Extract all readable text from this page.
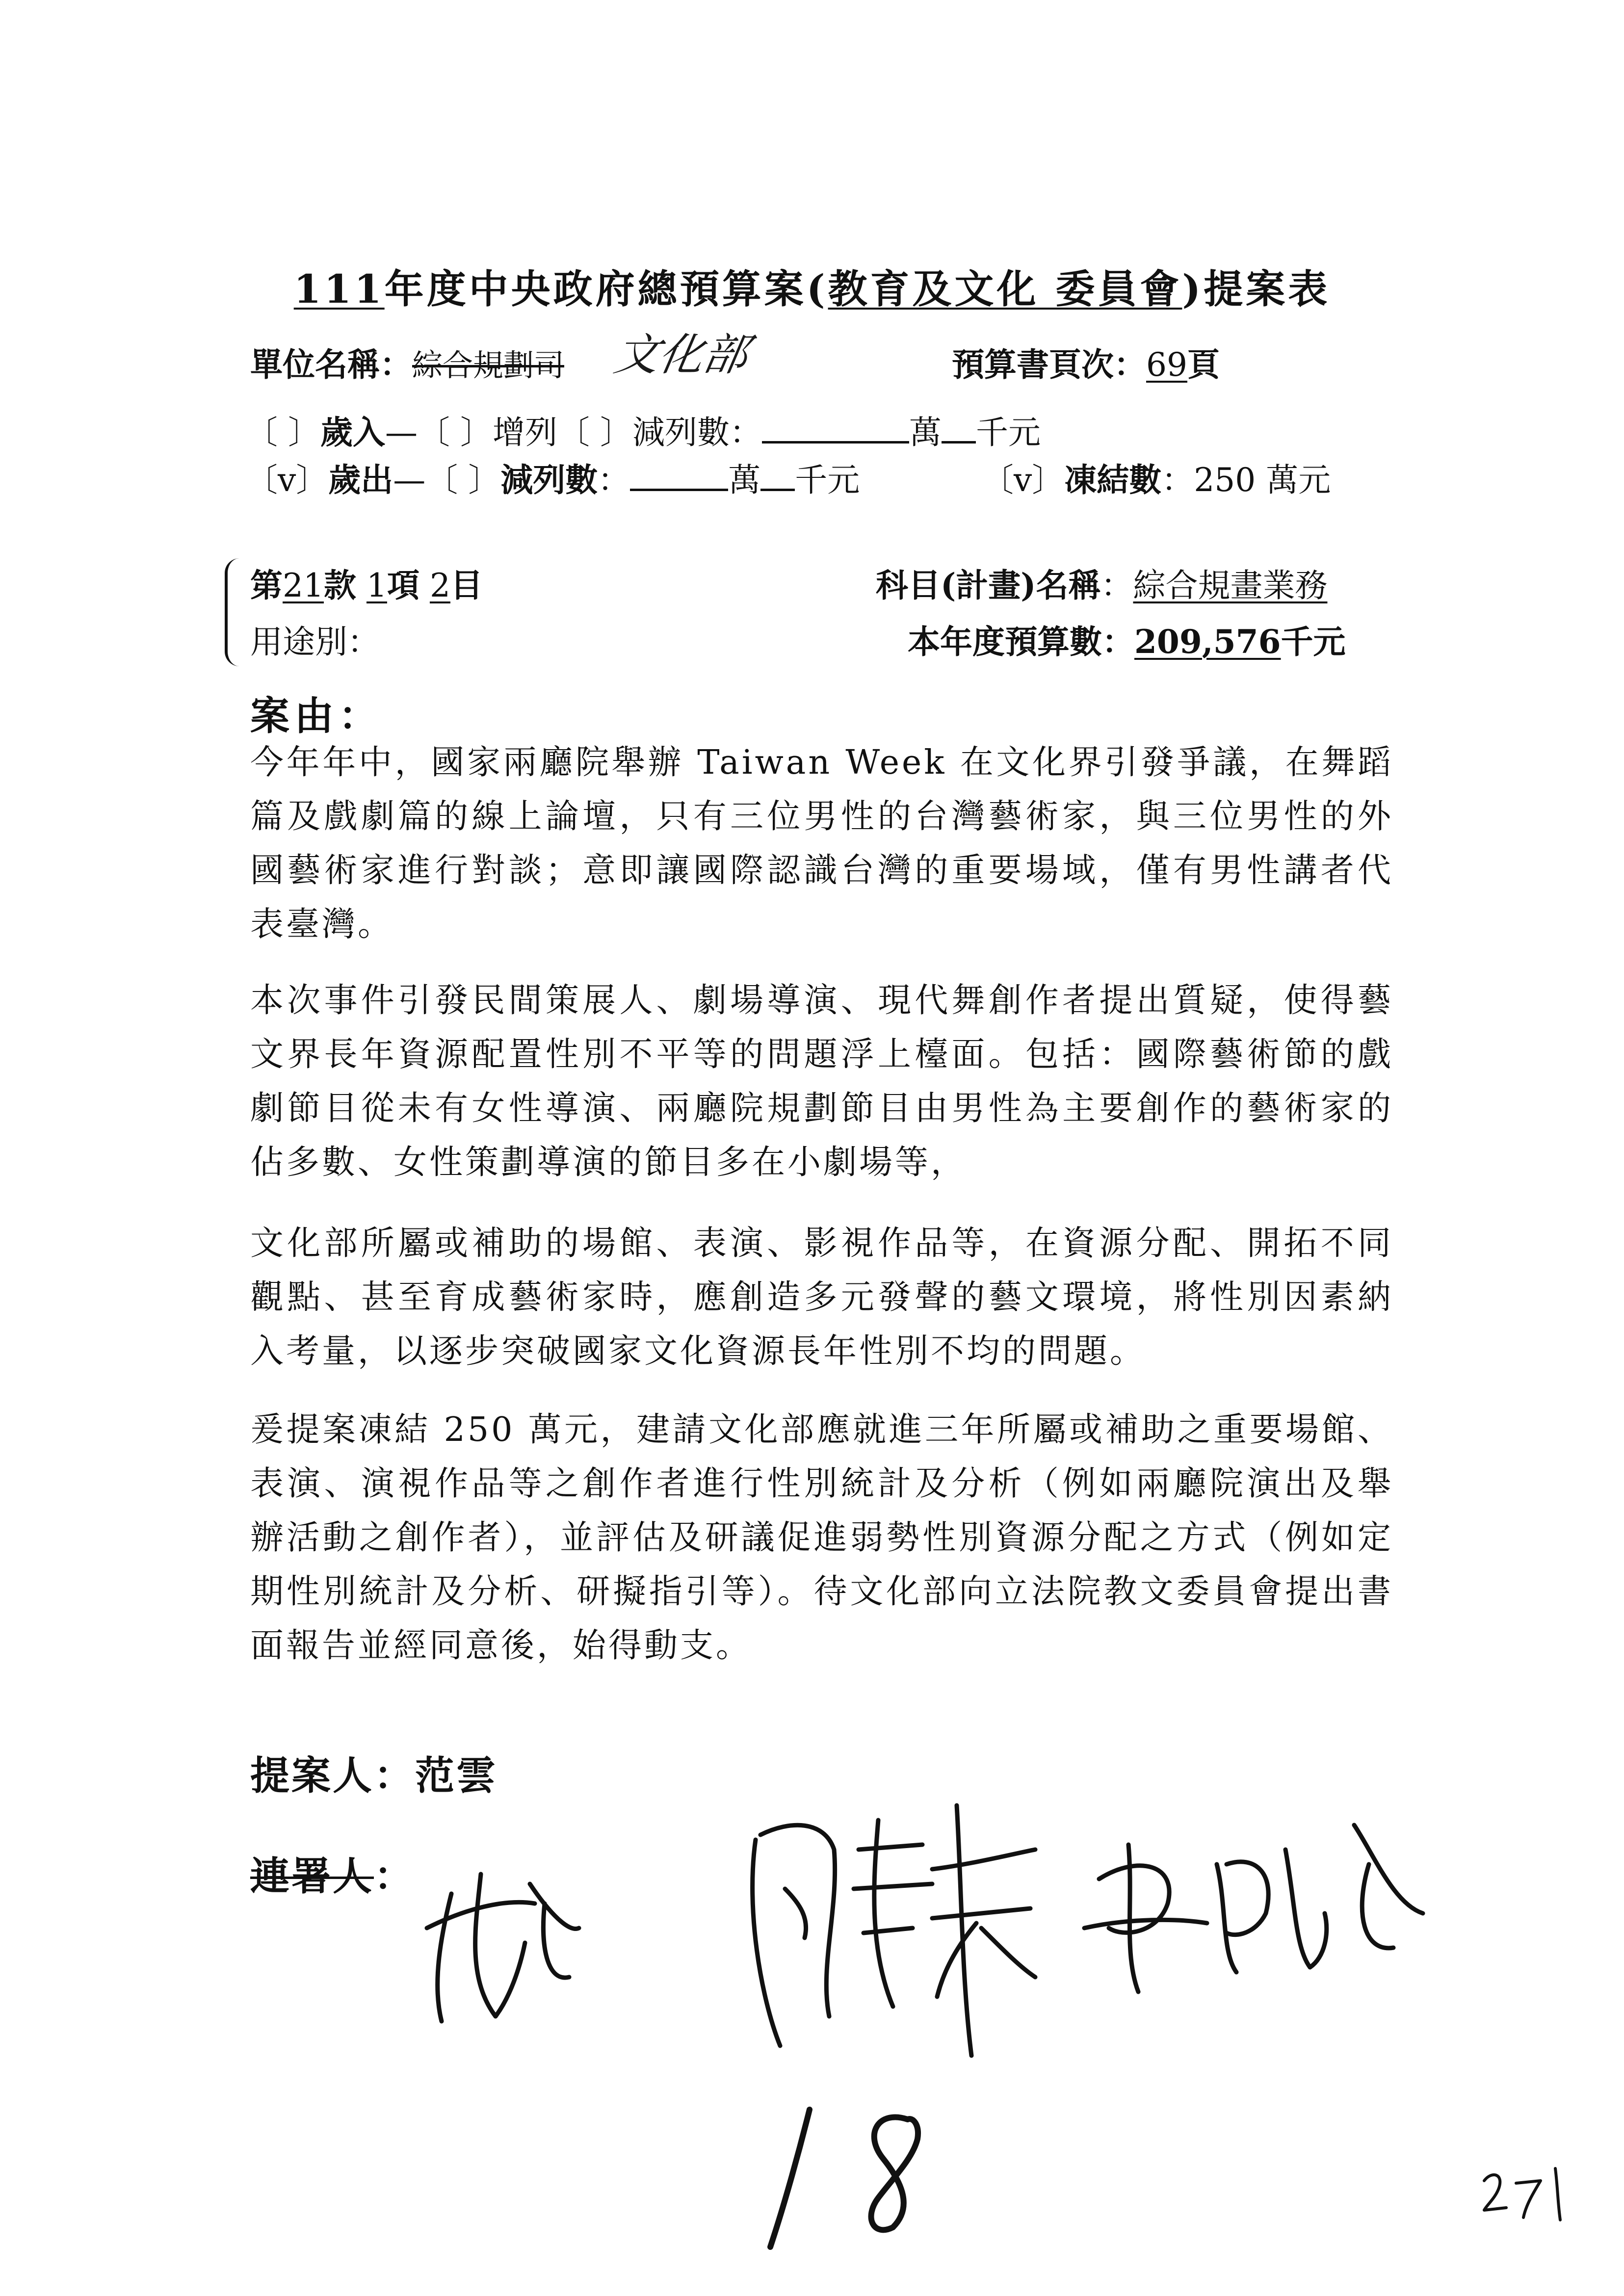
111年度中央政府總預算案(教育及文化 委員會)提案表
單位名稱：綜合規劃司 文化部	預算書頁次：69頁
〔 〕歲入—〔 〕增列〔 〕減列數：	萬 千元
〔v〕歲出—〔 〕減列數：	萬 千元	〔v〕凍結數：250 萬元
第21款 1項 2目	科目(計畫)名稱：綜合規畫業務
用途別：	本年度預算數：209,576千元
案由：
今年年中，國家兩廳院舉辦 Taiwan Week 在文化界引發爭議，在舞蹈篇及戲劇篇的線上論壇，只有三位男性的台灣藝術家，與三位男性的外國藝術家進行對談；意即讓國際認識台灣的重要場域，僅有男性講者代表臺灣。
本次事件引發民間策展人、劇場導演、現代舞創作者提出質疑，使得藝文界長年資源配置性別不平等的問題浮上檯面。包括：國際藝術節的戲劇節目從未有女性導演、兩廳院規劃節目由男性為主要創作的藝術家的佔多數、女性策劃導演的節目多在小劇場等，
文化部所屬或補助的場館、表演、影視作品等，在資源分配、開拓不同觀點、甚至育成藝術家時，應創造多元發聲的藝文環境，將性別因素納入考量，以逐步突破國家文化資源長年性別不均的問題。
爰提案凍結 250 萬元，建請文化部應就進三年所屬或補助之重要場館、表演、演視作品等之創作者進行性別統計及分析（例如兩廳院演出及舉辦活動之創作者），並評估及研議促進弱勢性別資源分配之方式（例如定期性別統計及分析、研擬指引等）。待文化部向立法院教文委員會提出書面報告並經同意後，始得動支。
提案人：范雲
連署人：
